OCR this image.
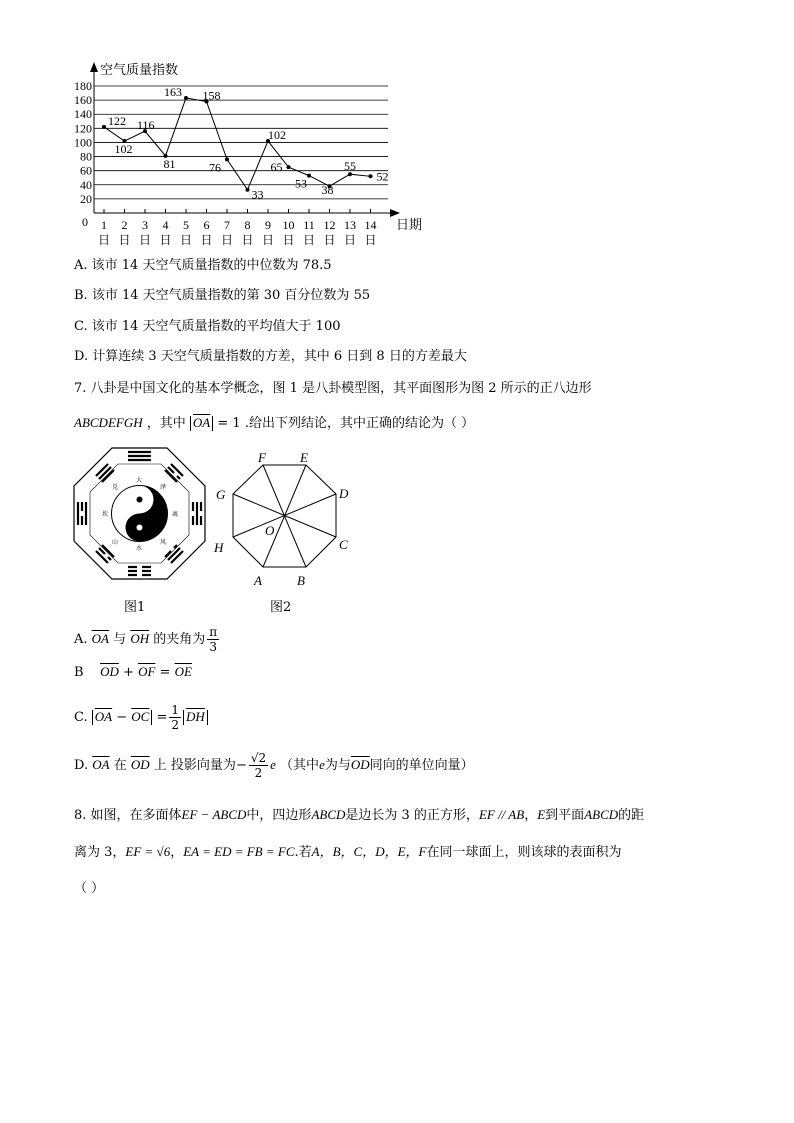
空气质量指数
日期
0
20
40
60
80
100
120
140
160
180
1
日
2
日
3
日
4
日
5
日
6
日
7
日
8
日
9
日
10
日
11
日
12
日
13
日
14
日
122
102
116
81
163 158
76
33
102
65
53 38
55
52
A. 该市 14 天空气质量指数的中位数为 78.5
B. 该市 14 天空气质量指数的第 30 百分位数为 55
C. 该市 14 天空气质量指数的平均值大于 100
D. 计算连续 3 天空气质量指数的方差，其中 6 日到 8 日的方差最大
7. 八卦是中国文化的基本学概念，图 1 是八卦模型图，其平面图形为图 2 所示的正八边形
ABCDEFGH ，其中 $\overline{OA} = 1$ .给出下列结论，其中正确的结论为（ ）
大
泽
离
水
风
兑
坎
山
图1
F	E
D
C
B
A
H
G
O
图2
A. $\overline{OA}$ 与 $\overline{OH}$ 的夹角为 $\frac{\pi}{3}$
B $\overline{OD} + \overline{OF} = \overline{OE}$
C. $\overline{OA} - \overline{OC} = \frac{1}{2} \overline{DH}$
D. $\overline{OA}$ 在 $\overline{OD}$ 上 投影向量为− $\frac{√2}{2}$ e （其中e为与$\overline{OD}$同向的单位向量）
8. 如图，在多面体EF − ABCD中，四边形ABCD是边长为 3 的正方形，EF // AB，E到平面ABCD的距
离为 3，EF = √6，EA = ED = FB = FC.若A，B，C，D，E，F在同一球面上，则该球的表面积为
（ ）
